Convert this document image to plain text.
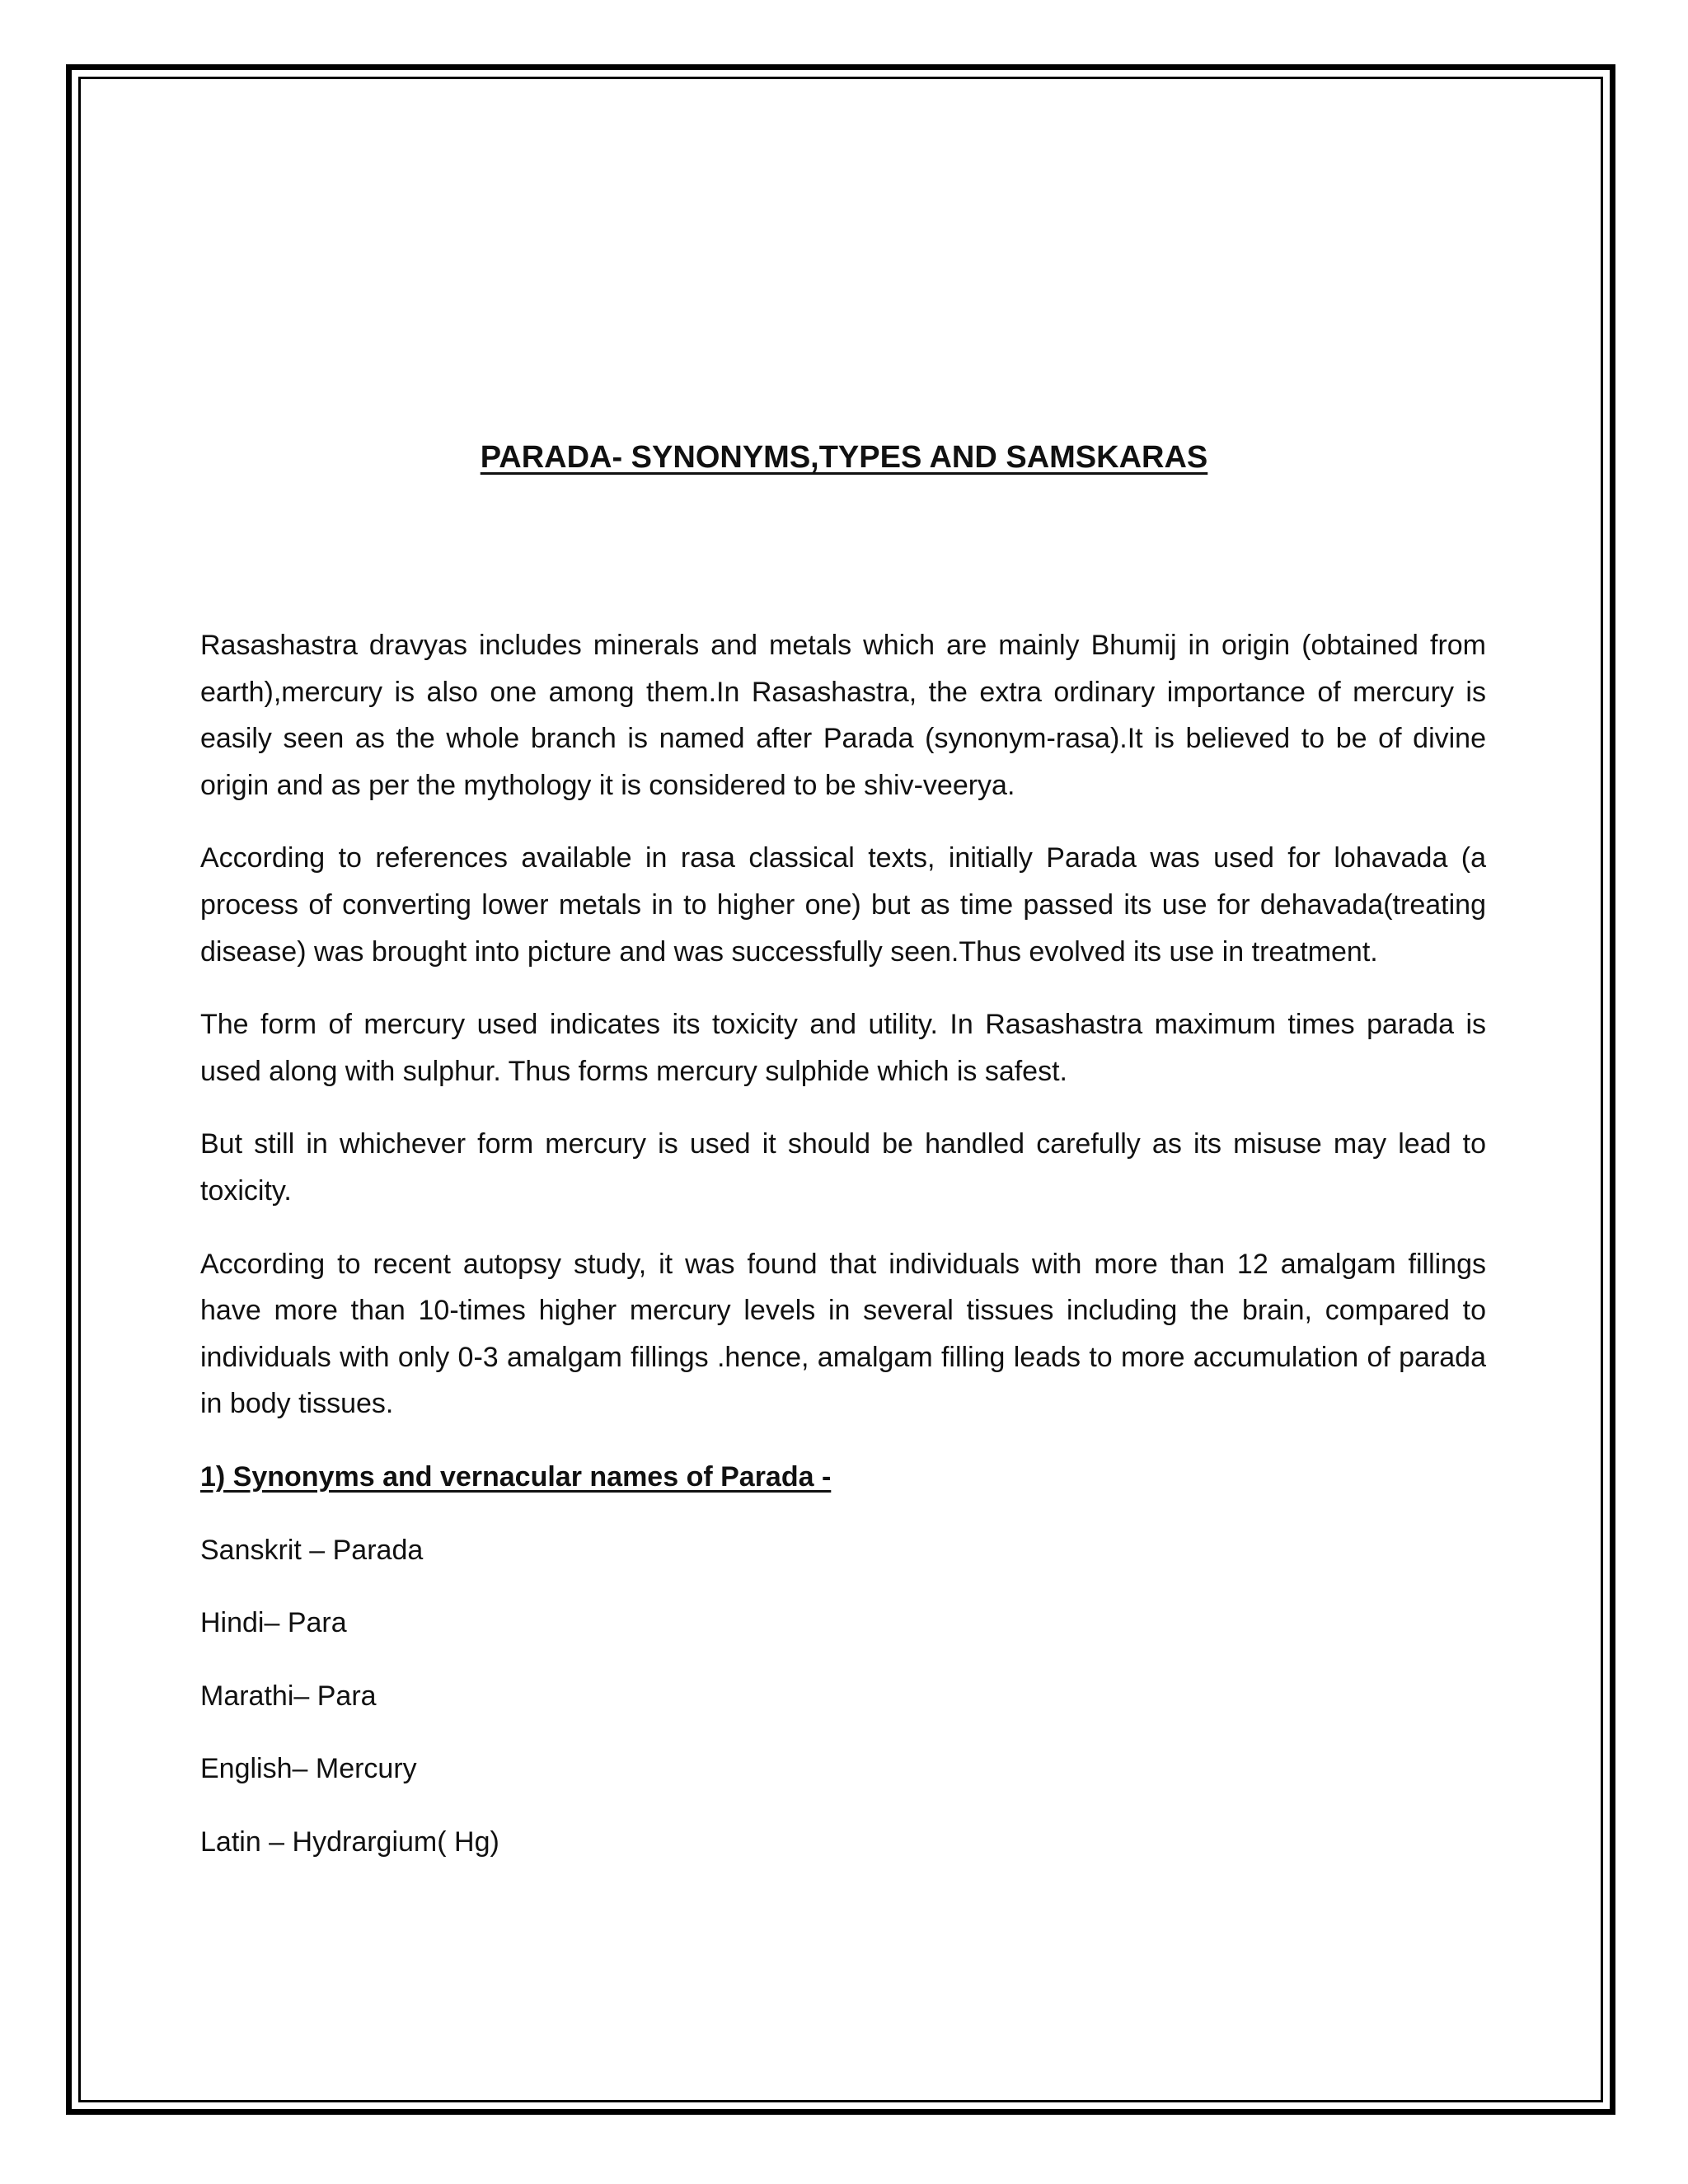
PARADA- SYNONYMS,TYPES AND SAMSKARAS

Rasashastra dravyas includes minerals and metals which are mainly Bhumij in origin (obtained from earth),mercury is also one among them.In Rasashastra, the extra ordinary importance of mercury is easily seen as the whole branch is named after Parada (synonym-rasa).It is believed to be of divine origin and as per the mythology it is considered to be shiv-veerya.

According to references available in rasa classical texts, initially Parada was used for lohavada (a process of converting lower metals in to higher one) but as time passed its use for dehavada(treating disease) was brought into picture and was successfully seen.Thus evolved its use in treatment.

The form of mercury used indicates its toxicity and utility. In Rasashastra maximum times parada is used along with sulphur. Thus forms mercury sulphide which is safest.

But still in whichever form mercury is used it should be handled carefully as its misuse may lead to toxicity.

According to recent autopsy study, it was found that individuals with more than 12 amalgam fillings have more than 10-times higher mercury levels in several tissues including the brain, compared to individuals with only 0-3 amalgam fillings .hence, amalgam filling leads to more accumulation of parada in body tissues.

1) Synonyms and vernacular names of Parada -

Sanskrit – Parada

Hindi– Para

Marathi– Para

English– Mercury

Latin – Hydrargium( Hg)
